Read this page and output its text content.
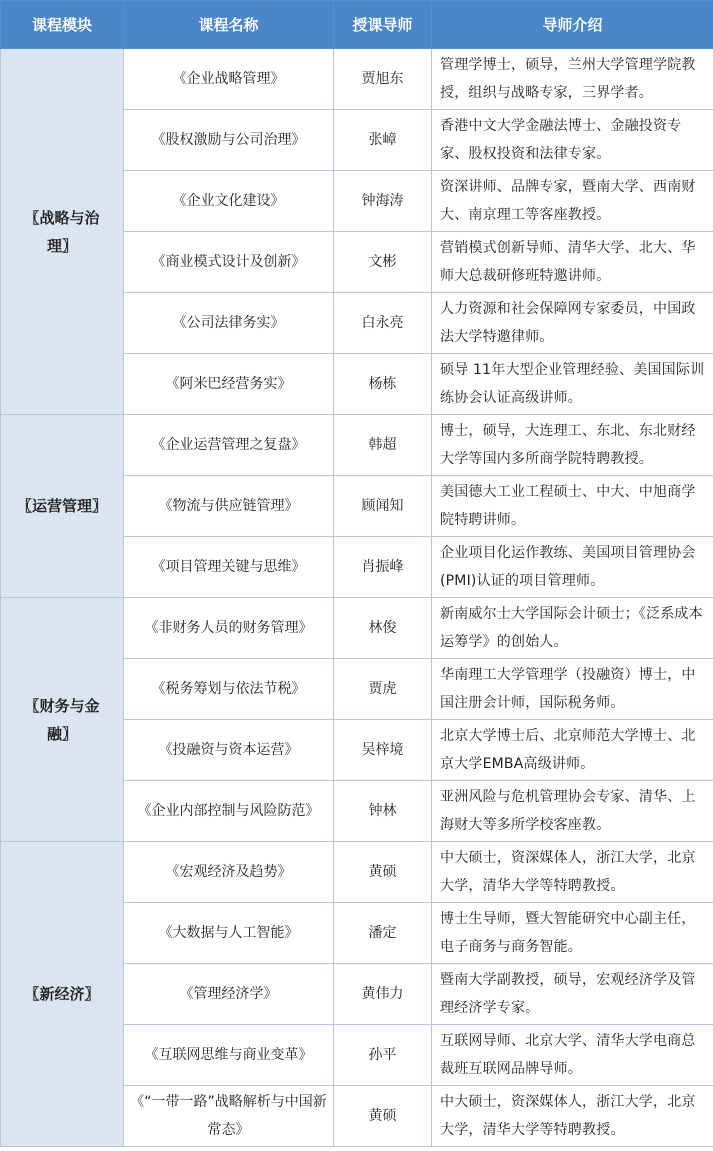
课程模块	课程名称	授课导师	导师介绍
〖战略与治理〗	《企业战略管理》	贾旭东	管理学博士，硕导，兰州大学管理学院教授，组织与战略专家，三界学者。
	《股权激励与公司治理》	张嶂	香港中文大学金融法博士、金融投资专家、股权投资和法律专家。
	《企业文化建设》	钟海涛	资深讲师、品牌专家，暨南大学、西南财大、南京理工等客座教授。
	《商业模式设计及创新》	文彬	营销模式创新导师、清华大学、北大、华师大总裁研修班特邀讲师。
	《公司法律务实》	白永亮	人力资源和社会保障网专家委员，中国政法大学特邀律师。
	《阿米巴经营务实》	杨栋	硕导 11年大型企业管理经验、美国国际训练协会认证高级讲师。
〖运营管理〗	《企业运营管理之复盘》	韩超	博士，硕导，大连理工、东北、东北财经大学等国内多所商学院特聘教授。
	《物流与供应链管理》	顾闻知	美国德大工业工程硕士、中大、中旭商学院特聘讲师。
	《项目管理关键与思维》	肖振峰	企业项目化运作教练、美国项目管理协会(PMI)认证的项目管理师。
〖财务与金融〗	《非财务人员的财务管理》	林俊	新南威尔士大学国际会计硕士；《泛系成本运筹学》的创始人。
	《税务筹划与依法节税》	贾虎	华南理工大学管理学（投融资）博士，中国注册会计师，国际税务师。
	《投融资与资本运营》	吴梓境	北京大学博士后、北京师范大学博士、北京大学EMBA高级讲师。
	《企业内部控制与风险防范》	钟林	亚洲风险与危机管理协会专家、清华、上海财大等多所学校客座教。
〖新经济〗	《宏观经济及趋势》	黄硕	中大硕士，资深媒体人，浙江大学，北京大学，清华大学等特聘教授。
	《大数据与人工智能》	潘定	博士生导师，暨大智能研究中心副主任，电子商务与商务智能。
	《管理经济学》	黄伟力	暨南大学副教授，硕导，宏观经济学及管理经济学专家。
	《互联网思维与商业变革》	孙平	互联网导师、北京大学、清华大学电商总裁班互联网品牌导师。
	《“一带一路”战略解析与中国新常态》	黄硕	中大硕士，资深媒体人，浙江大学，北京大学，清华大学等特聘教授。
